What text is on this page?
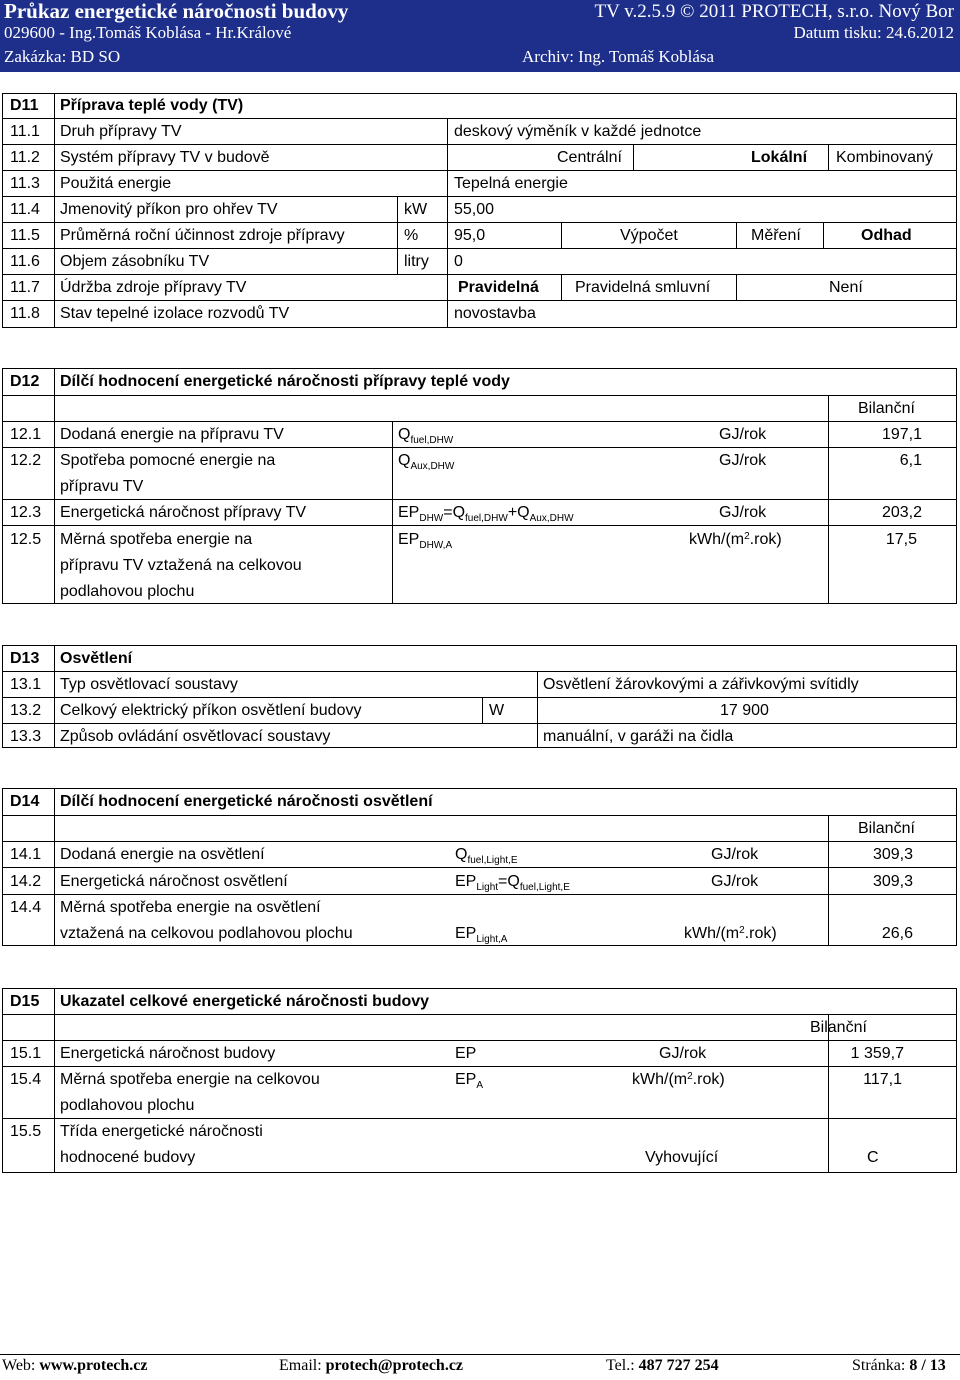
Průkaz energetické náročnosti budovy	TV v.2.5.9 © 2011 PROTECH, s.r.o. Nový Bor
029600 - Ing.Tomáš Koblása - Hr.Králové	Datum tisku: 24.6.2012
Zakázka: BD SO	Archiv: Ing. Tomáš Koblása
D11 Příprava teplé vody (TV)
11.1 Druh přípravy TV	deskový výměník v každé jednotce
11.2 Systém přípravy TV v budově	Centrální	Lokální Kombinovaný
11.3 Použitá energie	Tepelná energie
11.4 Jmenovitý příkon pro ohřev TV	kW 55,00
11.5 Průměrná roční účinnost zdroje přípravy	% 95,0	Výpočet	Měření	Odhad
11.6 Objem zásobníku TV	litry 0
11.7 Údržba zdroje přípravy TV	Pravidelná Pravidelná smluvní	Není
11.8 Stav tepelné izolace rozvodů TV	novostavba
D12 Dílčí hodnocení energetické náročnosti přípravy teplé vody
Bilanční
12.1 Dodaná energie na přípravu TV	$Q_{fuel,DHW}$	GJ/rok	197,1
12.2 Spotřeba pomocné energie na
přípravu TV
$Q_{Aux,DHW}$	GJ/rok	6,1
12.3 Energetická náročnost přípravy TV	$EP_{DHW}=Q_{fuel,DHW}+Q_{Aux,DHW}$	GJ/rok	203,2
12.5 Měrná spotřeba energie na
přípravu TV vztažená na celkovou
podlahovou plochu
$EP_{DHW,A}$	kWh/$(m^2.rok)$	17,5
D13 Osvětlení
13.1 Typ osvětlovací soustavy	Osvětlení žárovkovými a zářivkovými svítidly
13.2 Celkový elektrický příkon osvětlení budovy	W	17 900
13.3 Způsob ovládání osvětlovací soustavy	manuální, v garáži na čidla
D14 Dílčí hodnocení energetické náročnosti osvětlení
Bilanční
14.1 Dodaná energie na osvětlení	$Q_{fuel,Light,E}$	GJ/rok	309,3
14.2 Energetická náročnost osvětlení	$EP_{Light}=Q_{fuel,Light,E}$	GJ/rok	309,3
14.4 Měrná spotřeba energie na osvětlení
vztažená na celkovou podlahovou plochu	$EP_{Light,A}$	kWh/$(m^2.rok)$	26,6
D15 Ukazatel celkové energetické náročnosti budovy
Bilanční
15.1 Energetická náročnost budovy	EP	GJ/rok	1 359,7
15.4 Měrná spotřeba energie na celkovou
podlahovou plochu
$EP_A$	kWh/$(m^2.rok)$	117,1
15.5 Třída energetické náročnosti
hodnocené budovy	Vyhovující	C
Web: www.protech.cz	Email: protech@protech.cz	Tel.: 487 727 254	Stránka: 8 / 13
